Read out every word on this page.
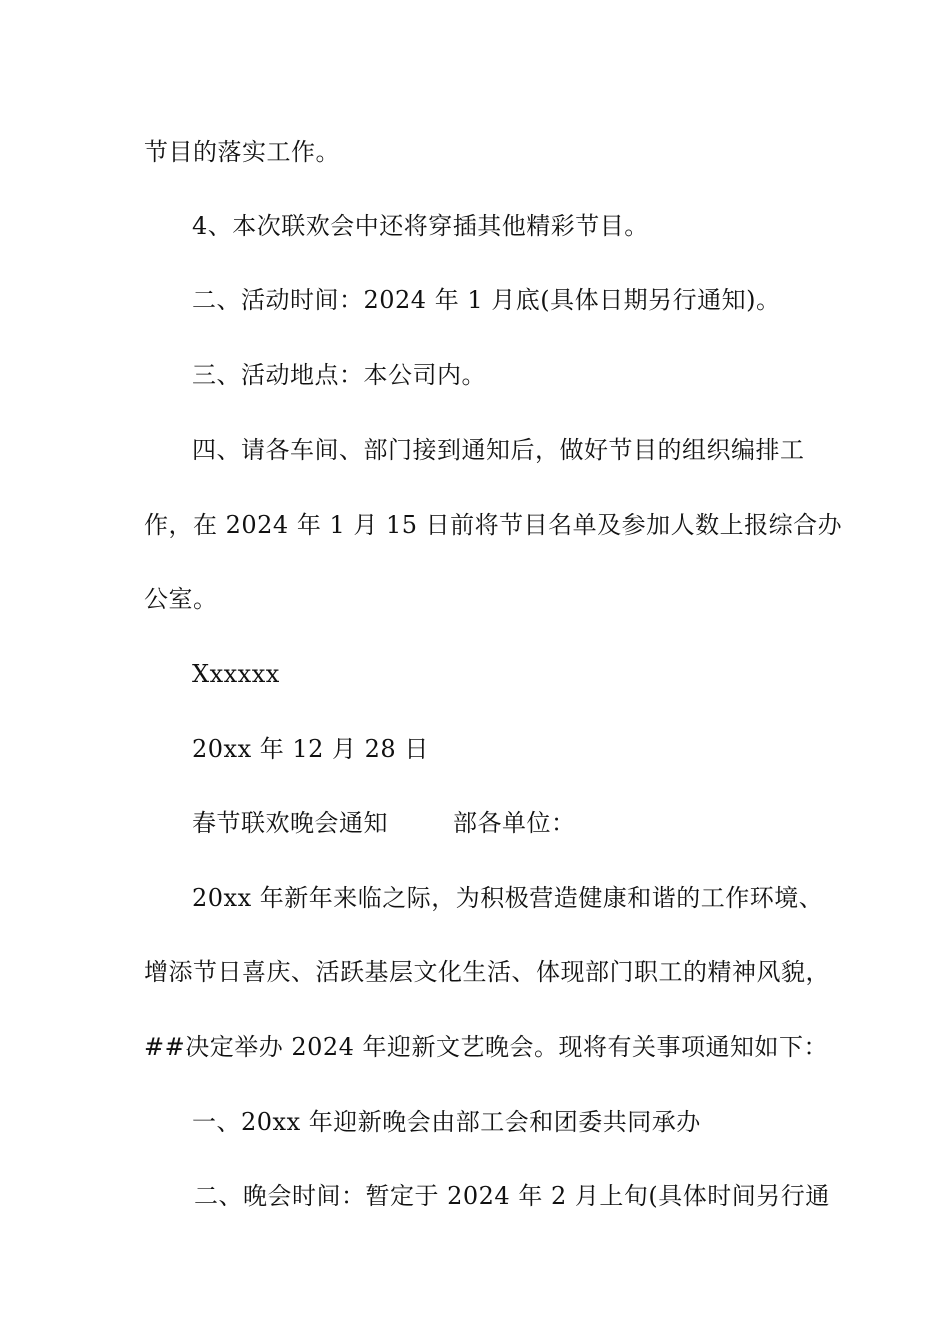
节目的落实工作。
4、本次联欢会中还将穿插其他精彩节目。
二、活动时间：2024 年 1 月底(具体日期另行通知)。
三、活动地点：本公司内。
四、请各车间、部门接到通知后，做好节目的组织编排工
作，在 2024 年 1 月 15 日前将节目名单及参加人数上报综合办
公室。
Xxxxxx
20xx 年 12 月 28 日
春节联欢晚会通知        部各单位：
20xx 年新年来临之际，为积极营造健康和谐的工作环境、
增添节日喜庆、活跃基层文化生活、体现部门职工的精神风貌，
##决定举办 2024 年迎新文艺晚会。现将有关事项通知如下：
一、20xx 年迎新晚会由部工会和团委共同承办
二、晚会时间：暂定于 2024 年 2 月上旬(具体时间另行通
